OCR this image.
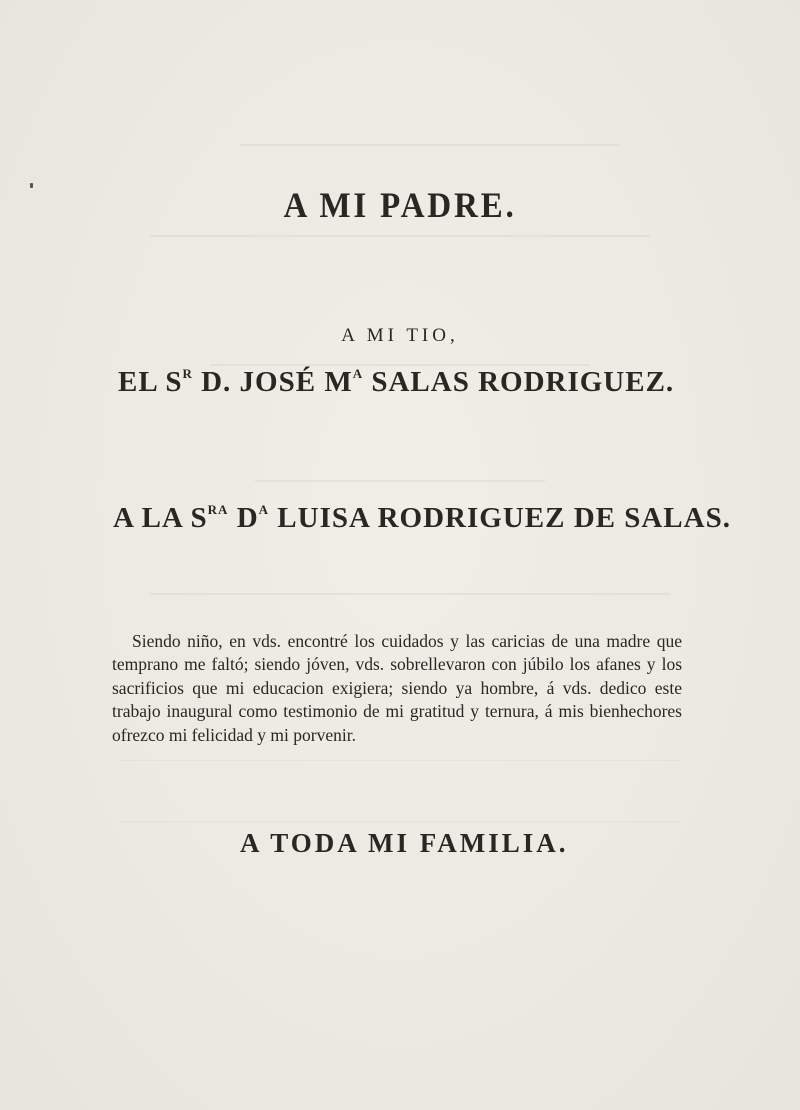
A MI PADRE.
A MI TIO,
EL $S^R$ D. JOSÉ $M^A$ SALAS RODRIGUEZ.
A LA $S^{RA}$ $D^A$ LUISA RODRIGUEZ DE SALAS.

Siendo niño, en vds. encontré los cuidados y las caricias de una madre que temprano me faltó; siendo jóven, vds. sobrellevaron con júbilo los afanes y los sacrificios que mi educacion exigiera; siendo ya hombre, á vds. dedico este trabajo inaugural como testimonio de mi gratitud y ternura, á mis bienhechores ofrezco mi felicidad y mi porvenir.

A TODA MI FAMILIA.
